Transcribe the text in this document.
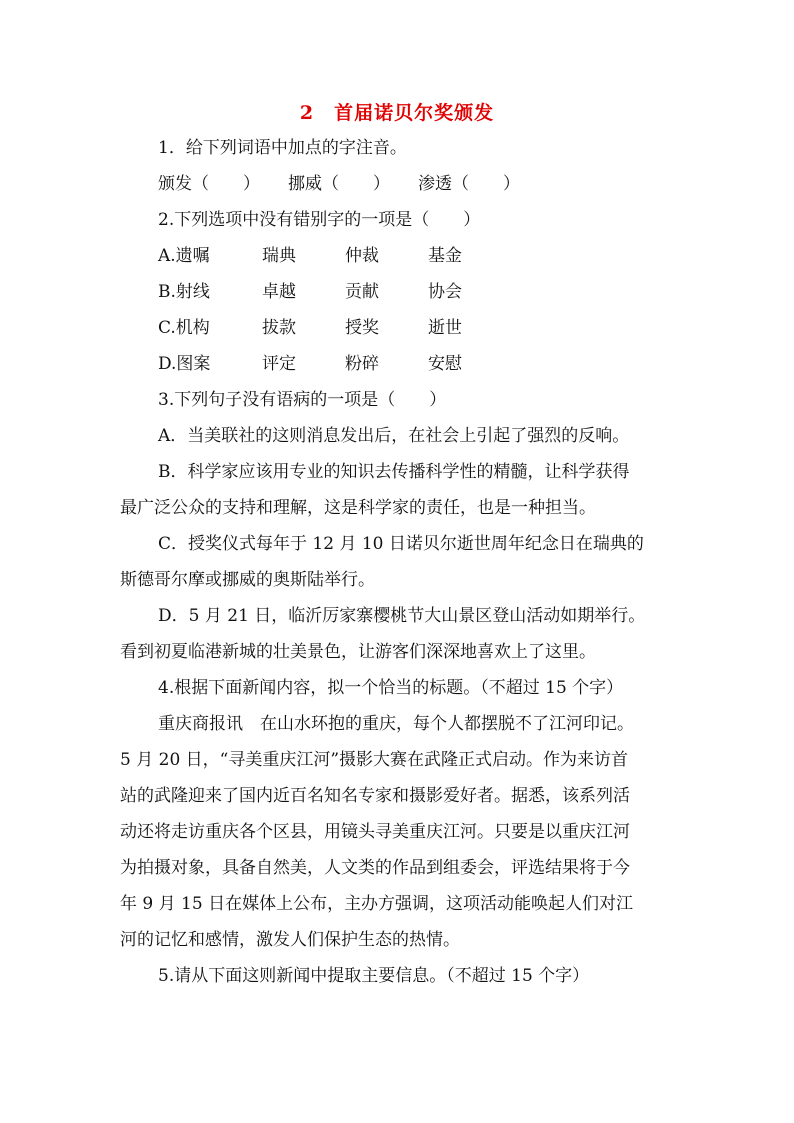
2　首届诺贝尔奖颁发
1．给下列词语中加点的字注音。
颁发（　　） 挪威（　　） 渗透（　　）
2.下列选项中没有错别字的一项是（　　）
A.遗嘱	瑞典	仲裁	基金
B.射线	卓越	贡献	协会
C.机构	拔款	授奖	逝世
D.图案	评定	粉碎	安慰
3.下列句子没有语病的一项是（　　）
A．当美联社的这则消息发出后，在社会上引起了强烈的反响。
B．科学家应该用专业的知识去传播科学性的精髓，让科学获得
最广泛公众的支持和理解，这是科学家的责任，也是一种担当。
C．授奖仪式每年于 12 月 10 日诺贝尔逝世周年纪念日在瑞典的
斯德哥尔摩或挪威的奥斯陆举行。
D．5 月 21 日，临沂厉家寨樱桃节大山景区登山活动如期举行。
看到初夏临港新城的壮美景色，让游客们深深地喜欢上了这里。
4.根据下面新闻内容，拟一个恰当的标题。（不超过 15 个字）
重庆商报讯　在山水环抱的重庆，每个人都摆脱不了江河印记。
5 月 20 日，“寻美重庆江河”摄影大赛在武隆正式启动。作为来访首
站的武隆迎来了国内近百名知名专家和摄影爱好者。据悉，该系列活
动还将走访重庆各个区县，用镜头寻美重庆江河。只要是以重庆江河
为拍摄对象，具备自然美，人文类的作品到组委会，评选结果将于今
年 9 月 15 日在媒体上公布，主办方强调，这项活动能唤起人们对江
河的记忆和感情，激发人们保护生态的热情。
5.请从下面这则新闻中提取主要信息。（不超过 15 个字）
